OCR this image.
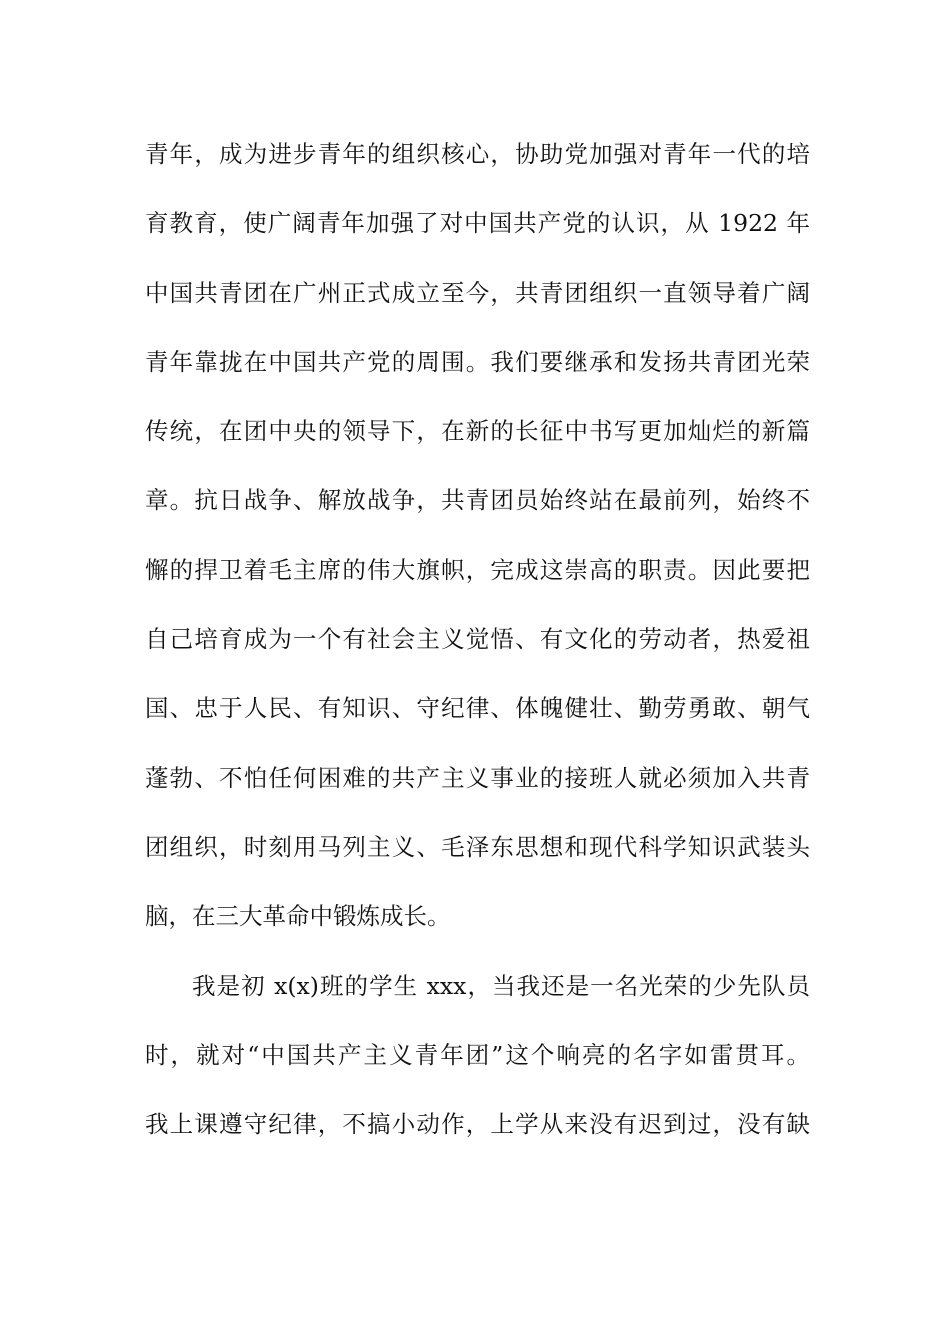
青年，成为进步青年的组织核心，协助党加强对青年一代的培
育教育，使广阔青年加强了对中国共产党的认识，从 1922 年
中国共青团在广州正式成立至今，共青团组织一直领导着广阔
青年靠拢在中国共产党的周围。我们要继承和发扬共青团光荣
传统，在团中央的领导下，在新的长征中书写更加灿烂的新篇
章。抗日战争、解放战争，共青团员始终站在最前列，始终不
懈的捍卫着毛主席的伟大旗帜，完成这崇高的职责。因此要把
自己培育成为一个有社会主义觉悟、有文化的劳动者，热爱祖
国、忠于人民、有知识、守纪律、体魄健壮、勤劳勇敢、朝气
蓬勃、不怕任何困难的共产主义事业的接班人就必须加入共青
团组织，时刻用马列主义、毛泽东思想和现代科学知识武装头
脑，在三大革命中锻炼成长。
我是初 x(x)班的学生 xxx，当我还是一名光荣的少先队员
时，就对“中国共产主义青年团”这个响亮的名字如雷贯耳。
我上课遵守纪律，不搞小动作，上学从来没有迟到过，没有缺
